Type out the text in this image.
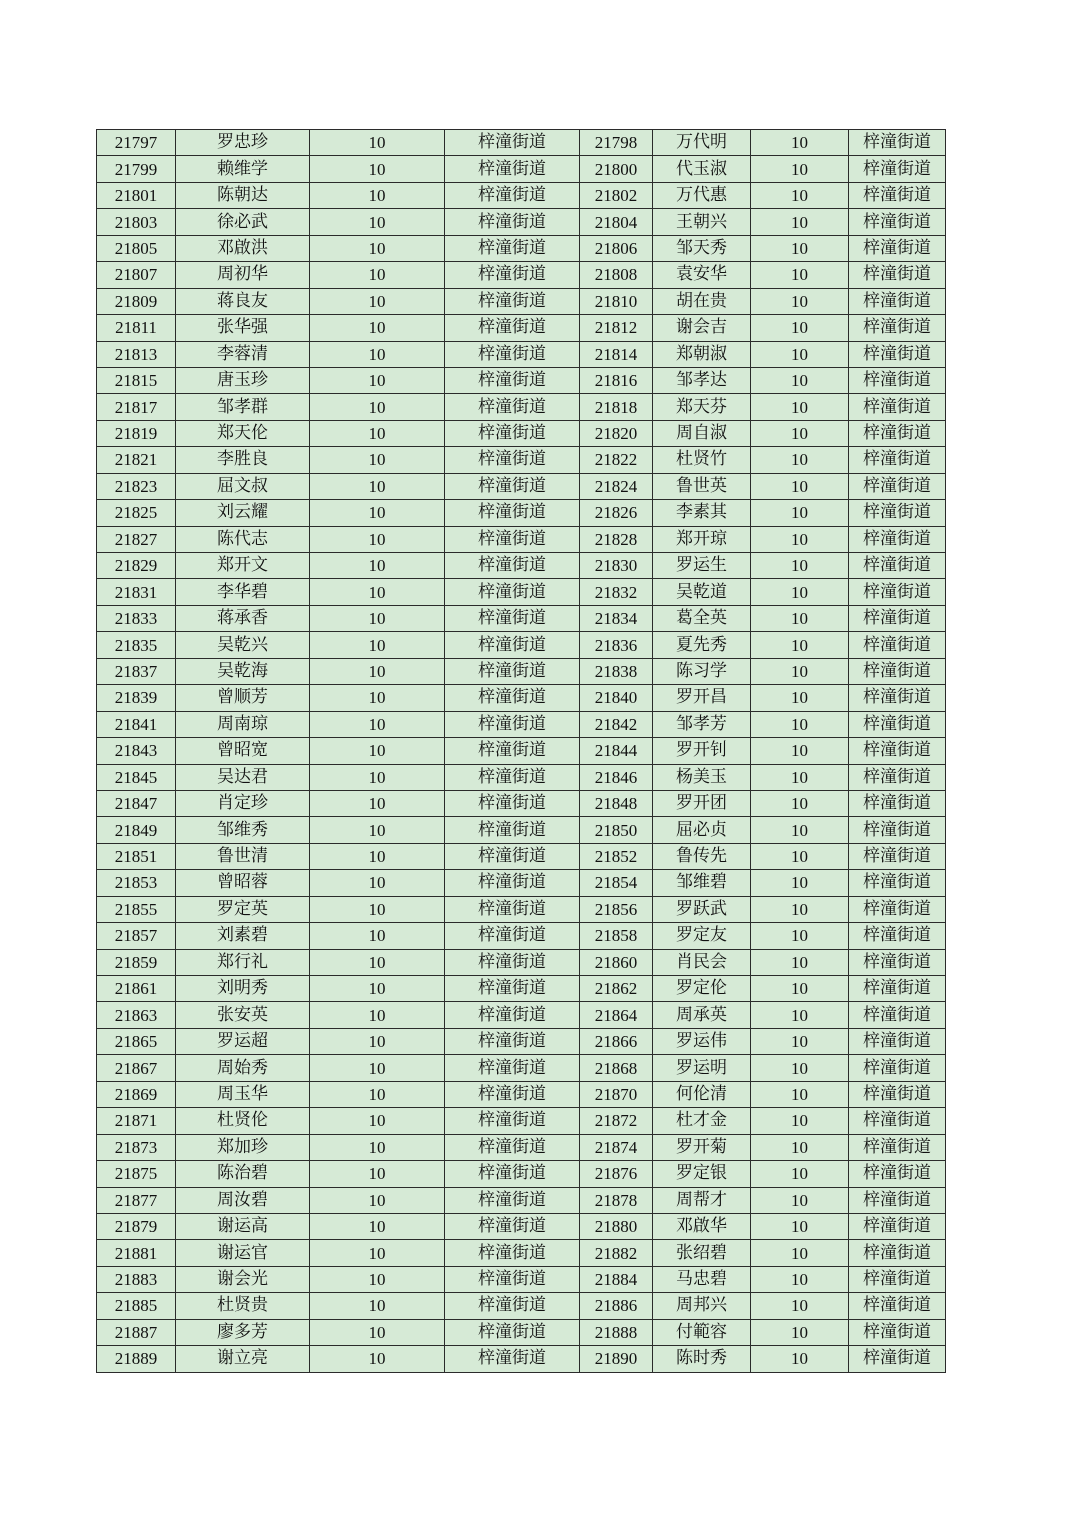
21797	罗忠珍	10	梓潼街道	21798	万代明	10	梓潼街道
21799	赖维学	10	梓潼街道	21800	代玉淑	10	梓潼街道
21801	陈朝达	10	梓潼街道	21802	万代惠	10	梓潼街道
21803	徐必武	10	梓潼街道	21804	王朝兴	10	梓潼街道
21805	邓啟洪	10	梓潼街道	21806	邹天秀	10	梓潼街道
21807	周初华	10	梓潼街道	21808	袁安华	10	梓潼街道
21809	蒋良友	10	梓潼街道	21810	胡在贵	10	梓潼街道
21811	张华强	10	梓潼街道	21812	谢会吉	10	梓潼街道
21813	李蓉清	10	梓潼街道	21814	郑朝淑	10	梓潼街道
21815	唐玉珍	10	梓潼街道	21816	邹孝达	10	梓潼街道
21817	邹孝群	10	梓潼街道	21818	郑天芬	10	梓潼街道
21819	郑天伦	10	梓潼街道	21820	周自淑	10	梓潼街道
21821	李胜良	10	梓潼街道	21822	杜贤竹	10	梓潼街道
21823	屈文叔	10	梓潼街道	21824	鲁世英	10	梓潼街道
21825	刘云耀	10	梓潼街道	21826	李素其	10	梓潼街道
21827	陈代志	10	梓潼街道	21828	郑开琼	10	梓潼街道
21829	郑开文	10	梓潼街道	21830	罗运生	10	梓潼街道
21831	李华碧	10	梓潼街道	21832	吴乾道	10	梓潼街道
21833	蒋承香	10	梓潼街道	21834	葛全英	10	梓潼街道
21835	吴乾兴	10	梓潼街道	21836	夏先秀	10	梓潼街道
21837	吴乾海	10	梓潼街道	21838	陈习学	10	梓潼街道
21839	曾顺芳	10	梓潼街道	21840	罗开昌	10	梓潼街道
21841	周南琼	10	梓潼街道	21842	邹孝芳	10	梓潼街道
21843	曾昭宽	10	梓潼街道	21844	罗开钊	10	梓潼街道
21845	吴达君	10	梓潼街道	21846	杨美玉	10	梓潼街道
21847	肖定珍	10	梓潼街道	21848	罗开团	10	梓潼街道
21849	邹维秀	10	梓潼街道	21850	屈必贞	10	梓潼街道
21851	鲁世清	10	梓潼街道	21852	鲁传先	10	梓潼街道
21853	曾昭蓉	10	梓潼街道	21854	邹维碧	10	梓潼街道
21855	罗定英	10	梓潼街道	21856	罗跃武	10	梓潼街道
21857	刘素碧	10	梓潼街道	21858	罗定友	10	梓潼街道
21859	郑行礼	10	梓潼街道	21860	肖民会	10	梓潼街道
21861	刘明秀	10	梓潼街道	21862	罗定伦	10	梓潼街道
21863	张安英	10	梓潼街道	21864	周承英	10	梓潼街道
21865	罗运超	10	梓潼街道	21866	罗运伟	10	梓潼街道
21867	周始秀	10	梓潼街道	21868	罗运明	10	梓潼街道
21869	周玉华	10	梓潼街道	21870	何伦清	10	梓潼街道
21871	杜贤伦	10	梓潼街道	21872	杜才金	10	梓潼街道
21873	郑加珍	10	梓潼街道	21874	罗开菊	10	梓潼街道
21875	陈治碧	10	梓潼街道	21876	罗定银	10	梓潼街道
21877	周汝碧	10	梓潼街道	21878	周帮才	10	梓潼街道
21879	谢运高	10	梓潼街道	21880	邓啟华	10	梓潼街道
21881	谢运官	10	梓潼街道	21882	张绍碧	10	梓潼街道
21883	谢会光	10	梓潼街道	21884	马忠碧	10	梓潼街道
21885	杜贤贵	10	梓潼街道	21886	周邦兴	10	梓潼街道
21887	廖多芳	10	梓潼街道	21888	付範容	10	梓潼街道
21889	谢立亮	10	梓潼街道	21890	陈时秀	10	梓潼街道
